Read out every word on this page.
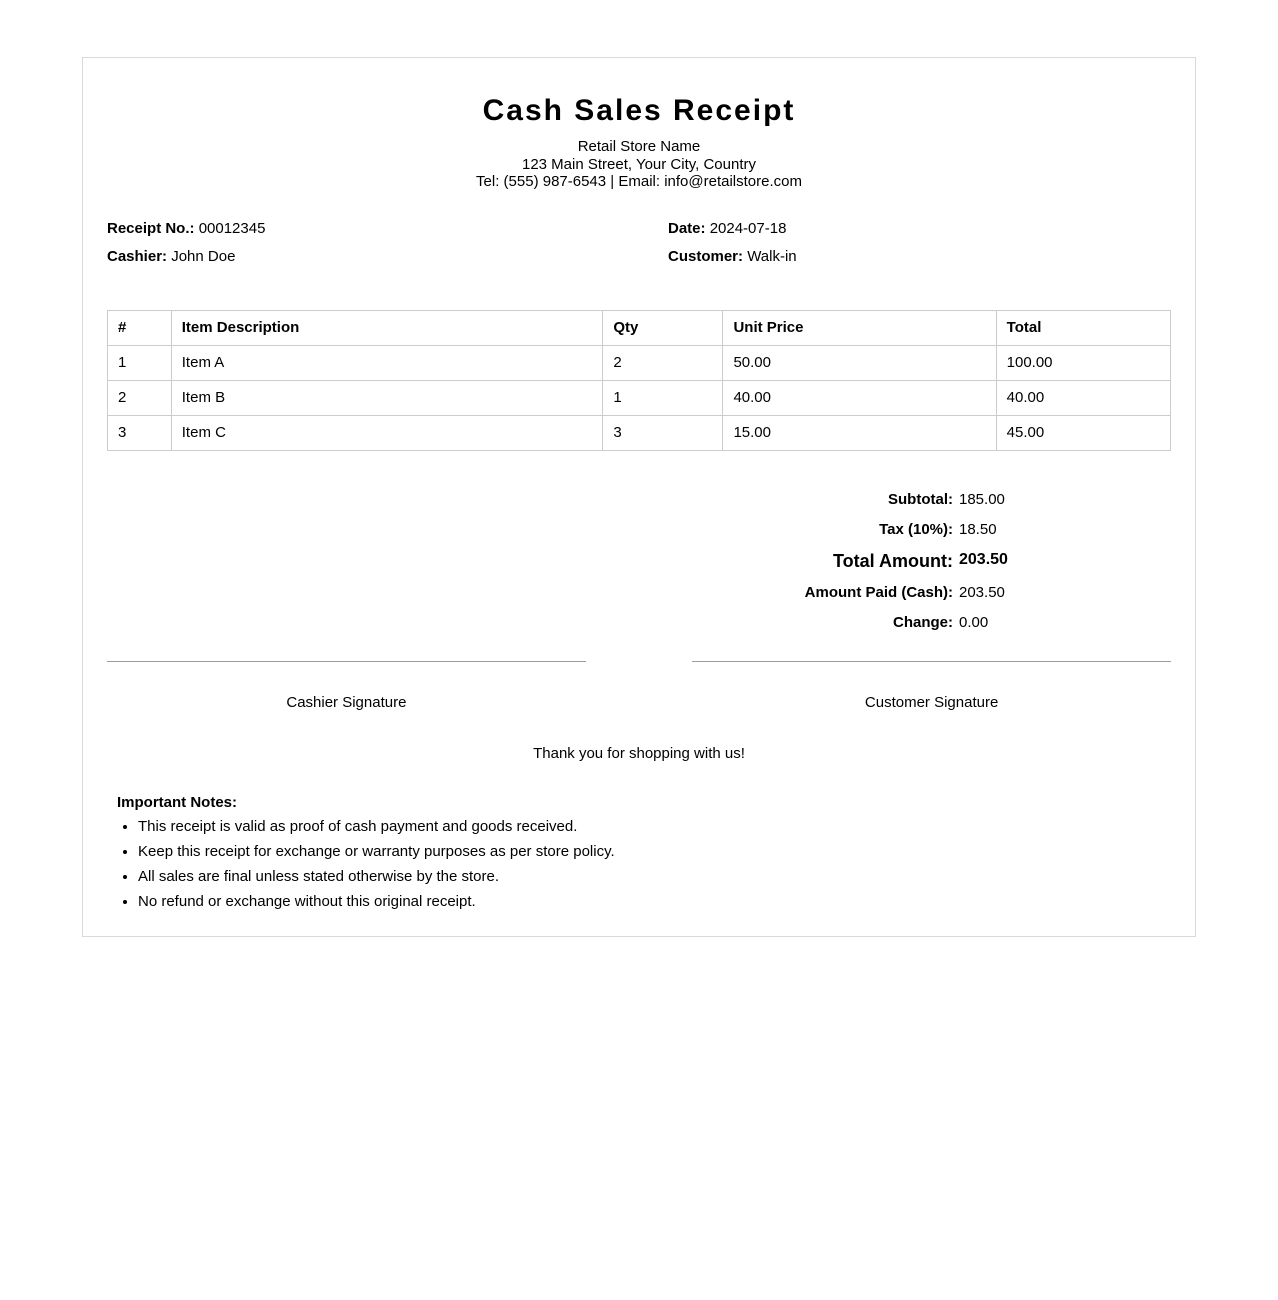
Cash Sales Receipt
Retail Store Name
123 Main Street, Your City, Country
Tel: (555) 987-6543 | Email: info@retailstore.com
Receipt No.: 00012345
Cashier: John Doe
Date: 2024-07-18
Customer: Walk-in
#	Item Description	Qty	Unit Price	Total
1	Item A	2	50.00	100.00
2	Item B	1	40.00	40.00
3	Item C	3	15.00	45.00
Subtotal: 185.00
Tax (10%): 18.50
Total Amount: 203.50
Amount Paid (Cash): 203.50
Change: 0.00
Cashier Signature	Customer Signature
Thank you for shopping with us!
Important Notes:
• This receipt is valid as proof of cash payment and goods received.
• Keep this receipt for exchange or warranty purposes as per store policy.
• All sales are final unless stated otherwise by the store.
• No refund or exchange without this original receipt.
